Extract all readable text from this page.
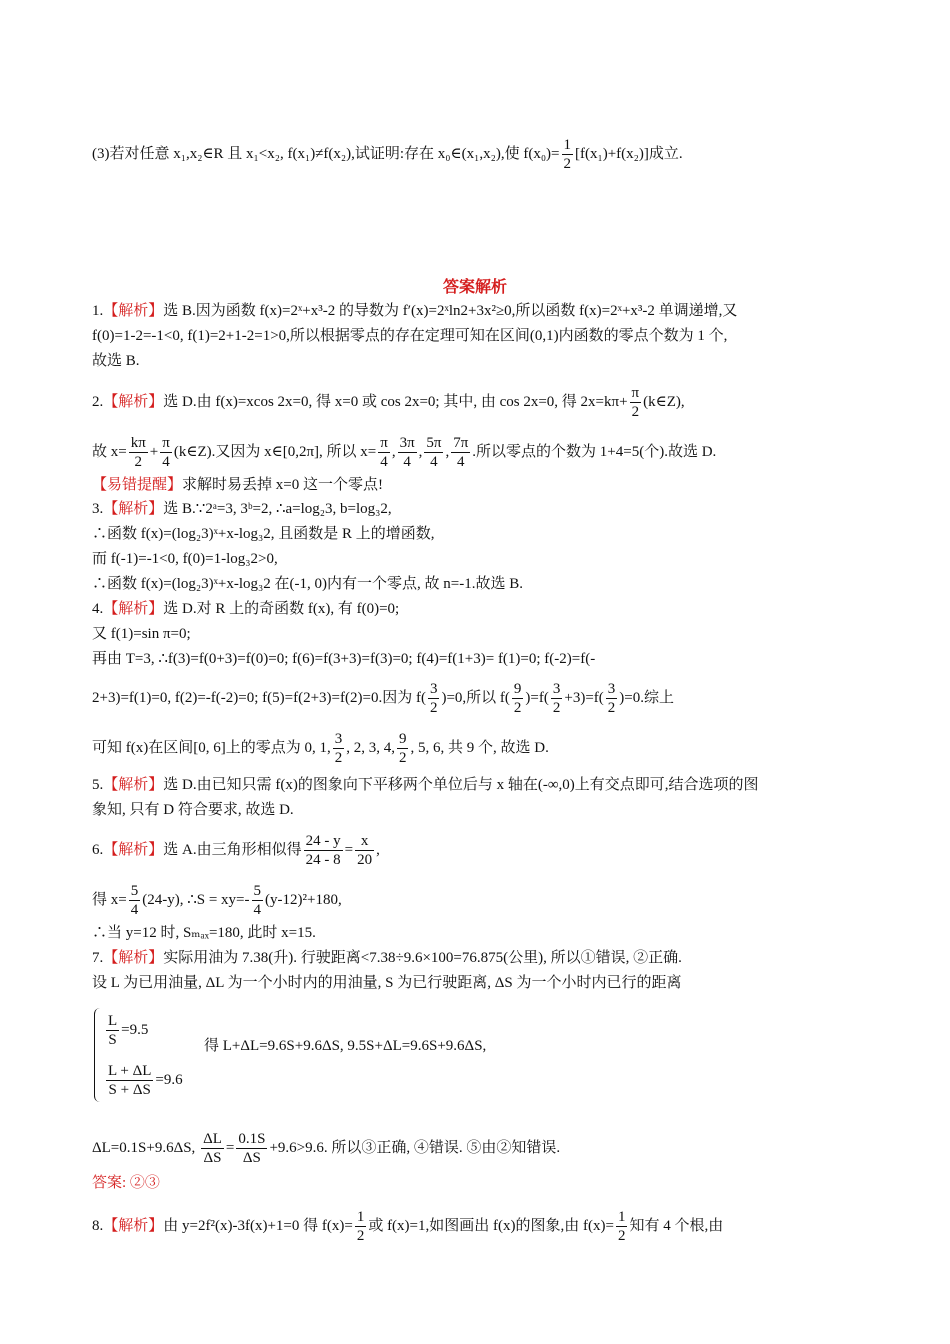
(3)若对任意 x₁,x₂∈R 且 x₁<x₂, f(x₁)≠f(x₂),试证明:存在 x₀∈(x₁,x₂),使 $f(x_0)= \frac{1}{2} [f(x_1)+f(x_2)]$成立.
答案解析
1.【解析】选 B.因为函数 f(x)=2ˣ+x³-2 的导数为 f′(x)=2ˣln2+3x²≥0,所以函数 f(x)=2ˣ+x³-2 单调递增,又
f(0)=1-2=-1<0, f(1)=2+1-2=1>0,所以根据零点的存在定理可知在区间(0,1)内函数的零点个数为 1 个,
故选 B.
2.【解析】选 D.由 f(x)=xcos 2x=0, 得 x=0 或 cos 2x=0; 其中, 由 cos 2x=0, 得 $2x=k\pi+ \frac{\pi}{2}$ (k∈Z),
故 $x= \frac{k\pi}{2} + \frac{\pi}{4}$ (k∈Z).又因为 x∈[0,2π], 所以 $x= \frac{\pi}{4}$ , $\frac{3\pi}{4}$ , $\frac{5\pi}{4}$ , $\frac{7\pi}{4}$ .所以零点的个数为 1+4=5(个).故选 D.
【易错提醒】求解时易丢掉 x=0 这一个零点!
3.【解析】选 B.∵2ᵃ=3, 3ᵇ=2, ∴a=log₂3, b=log₃2,
∴函数 f(x)=(log₂3)ˣ+x-log₃2, 且函数是 R 上的增函数,
而 f(-1)=-1<0, f(0)=1-log₃2>0,
∴函数 f(x)=(log₂3)ˣ+x-log₃2 在(-1, 0)内有一个零点, 故 n=-1.故选 B.
4.【解析】选 D.对 R 上的奇函数 f(x), 有 f(0)=0;
又 f(1)=sin π=0;
再由 T=3, ∴f(3)=f(0+3)=f(0)=0; f(6)=f(3+3)=f(3)=0; f(4)=f(1+3)= f(1)=0; f(-2)=f(-
2+3)=f(1)=0, f(2)=-f(-2)=0; f(5)=f(2+3)=f(2)=0.因为 $f( \frac{3}{2} )=0$,所以 $f( \frac{9}{2} )=f( \frac{3}{2} +3)=f( \frac{3}{2} )=0$.综上
可知 f(x)在区间[0, 6]上的零点为 0, 1, $\frac{3}{2}$ , 2, 3, 4, $\frac{9}{2}$ , 5, 6, 共 9 个, 故选 D.
5.【解析】选 D.由已知只需 f(x)的图象向下平移两个单位后与 x 轴在(-∞,0)上有交点即可,结合选项的图
象知, 只有 D 符合要求, 故选 D.
6.【解析】选 A.由三角形相似得 $\frac{24 - y}{24 - 8} = \frac{x}{20}$ ,
得 $x= \frac{5}{4} (24-y)$, ∴S = $xy=- \frac{5}{4} (y-12)^2+180$,
∴当 y=12 时, Sₘₐₓ=180, 此时 x=15.
7.【解析】实际用油为 7.38(升). 行驶距离<7.38÷9.6×100=76.875(公里), 所以①错误, ②正确.
设 L 为已用油量, ΔL 为一个小时内的用油量, S 为已行驶距离, ΔS 为一个小时内已行的距离
$\frac{L}{S} =9.5$
得 L+ΔL=9.6S+9.6ΔS, 9.5S+ΔL=9.6S+9.6ΔS,
$\frac{L + \Delta L}{S + \Delta S} =9.6$
ΔL=0.1S+9.6ΔS, $\frac{\Delta L}{\Delta S} = \frac{0.1S}{\Delta S} +9.6>9.6$. 所以③正确, ④错误. ⑤由②知错误.
答案: ②③
8.【解析】由 y=2f²(x)-3f(x)+1=0 得 $f(x)= \frac{1}{2}$ 或 f(x)=1,如图画出 f(x)的图象,由 $f(x)= \frac{1}{2}$ 知有 4 个根,由
